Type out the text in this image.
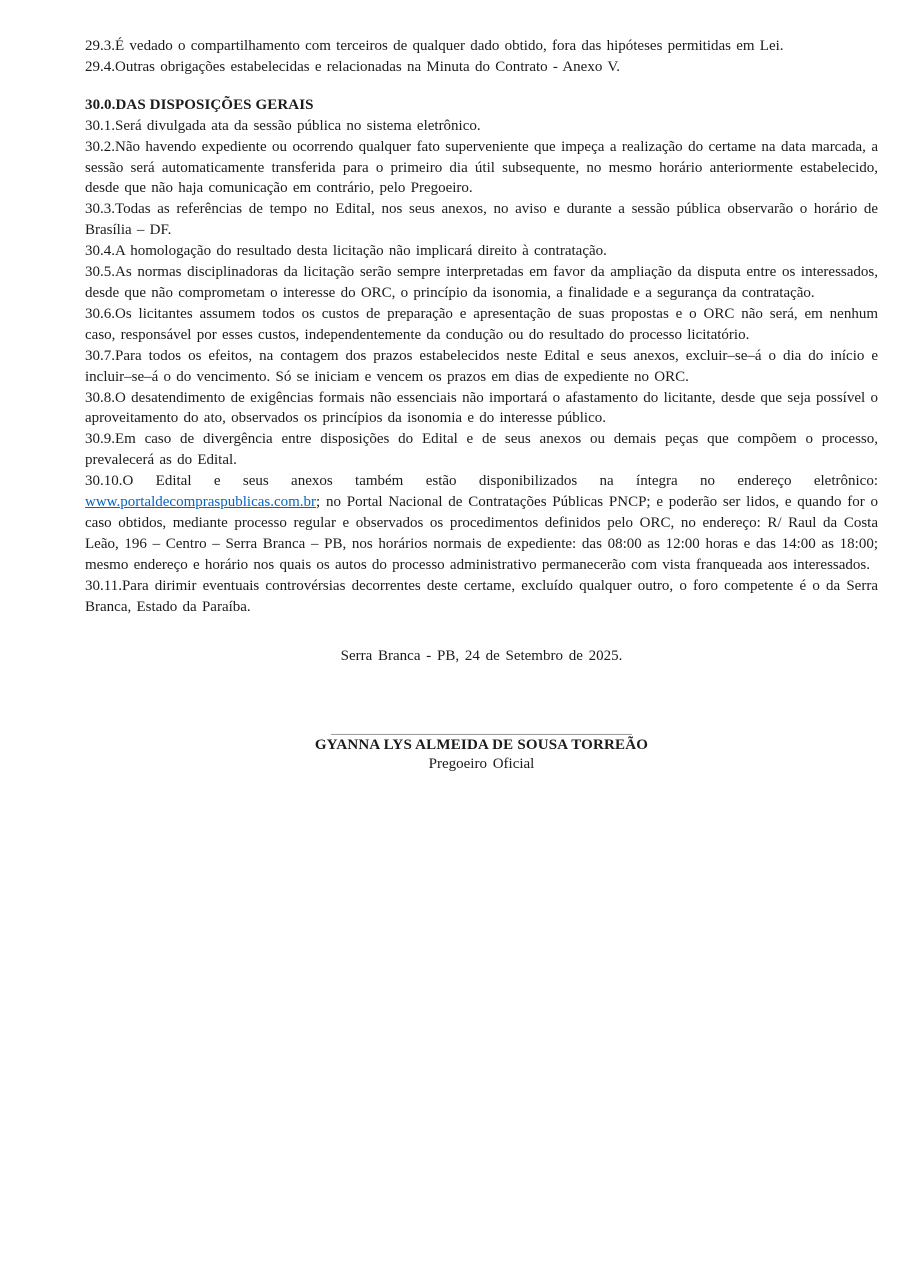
29.3.É vedado o compartilhamento com terceiros de qualquer dado obtido, fora das hipóteses permitidas em Lei.

29.4.Outras obrigações estabelecidas e relacionadas na Minuta do Contrato - Anexo V.

30.0.DAS DISPOSIÇÕES GERAIS

30.1.Será divulgada ata da sessão pública no sistema eletrônico.

30.2.Não havendo expediente ou ocorrendo qualquer fato superveniente que impeça a realização do certame na data marcada, a sessão será automaticamente transferida para o primeiro dia útil subsequente, no mesmo horário anteriormente estabelecido, desde que não haja comunicação em contrário, pelo Pregoeiro.

30.3.Todas as referências de tempo no Edital, nos seus anexos, no aviso e durante a sessão pública observarão o horário de Brasília – DF.

30.4.A homologação do resultado desta licitação não implicará direito à contratação.

30.5.As normas disciplinadoras da licitação serão sempre interpretadas em favor da ampliação da disputa entre os interessados, desde que não comprometam o interesse do ORC, o princípio da isonomia, a finalidade e a segurança da contratação.

30.6.Os licitantes assumem todos os custos de preparação e apresentação de suas propostas e o ORC não será, em nenhum caso, responsável por esses custos, independentemente da condução ou do resultado do processo licitatório.

30.7.Para todos os efeitos, na contagem dos prazos estabelecidos neste Edital e seus anexos, excluir–se–á o dia do início e incluir–se–á o do vencimento. Só se iniciam e vencem os prazos em dias de expediente no ORC.

30.8.O desatendimento de exigências formais não essenciais não importará o afastamento do licitante, desde que seja possível o aproveitamento do ato, observados os princípios da isonomia e do interesse público.

30.9.Em caso de divergência entre disposições do Edital e de seus anexos ou demais peças que compõem o processo, prevalecerá as do Edital.

30.10.O Edital e seus anexos também estão disponibilizados na íntegra no endereço eletrônico: www.portaldecompraspublicas.com.br; no Portal Nacional de Contratações Públicas PNCP; e poderão ser lidos, e quando for o caso obtidos, mediante processo regular e observados os procedimentos definidos pelo ORC, no endereço: R/ Raul da Costa Leão, 196 – Centro – Serra Branca – PB, nos horários normais de expediente: das 08:00 as 12:00 horas e das 14:00 as 18:00; mesmo endereço e horário nos quais os autos do processo administrativo permanecerão com vista franqueada aos interessados.

30.11.Para dirimir eventuais controvérsias decorrentes deste certame, excluído qualquer outro, o foro competente é o da Serra Branca, Estado da Paraíba.

Serra Branca - PB, 24 de Setembro de 2025.

___________________________________________
GYANNA LYS ALMEIDA DE SOUSA TORREÃO
Pregoeiro Oficial
